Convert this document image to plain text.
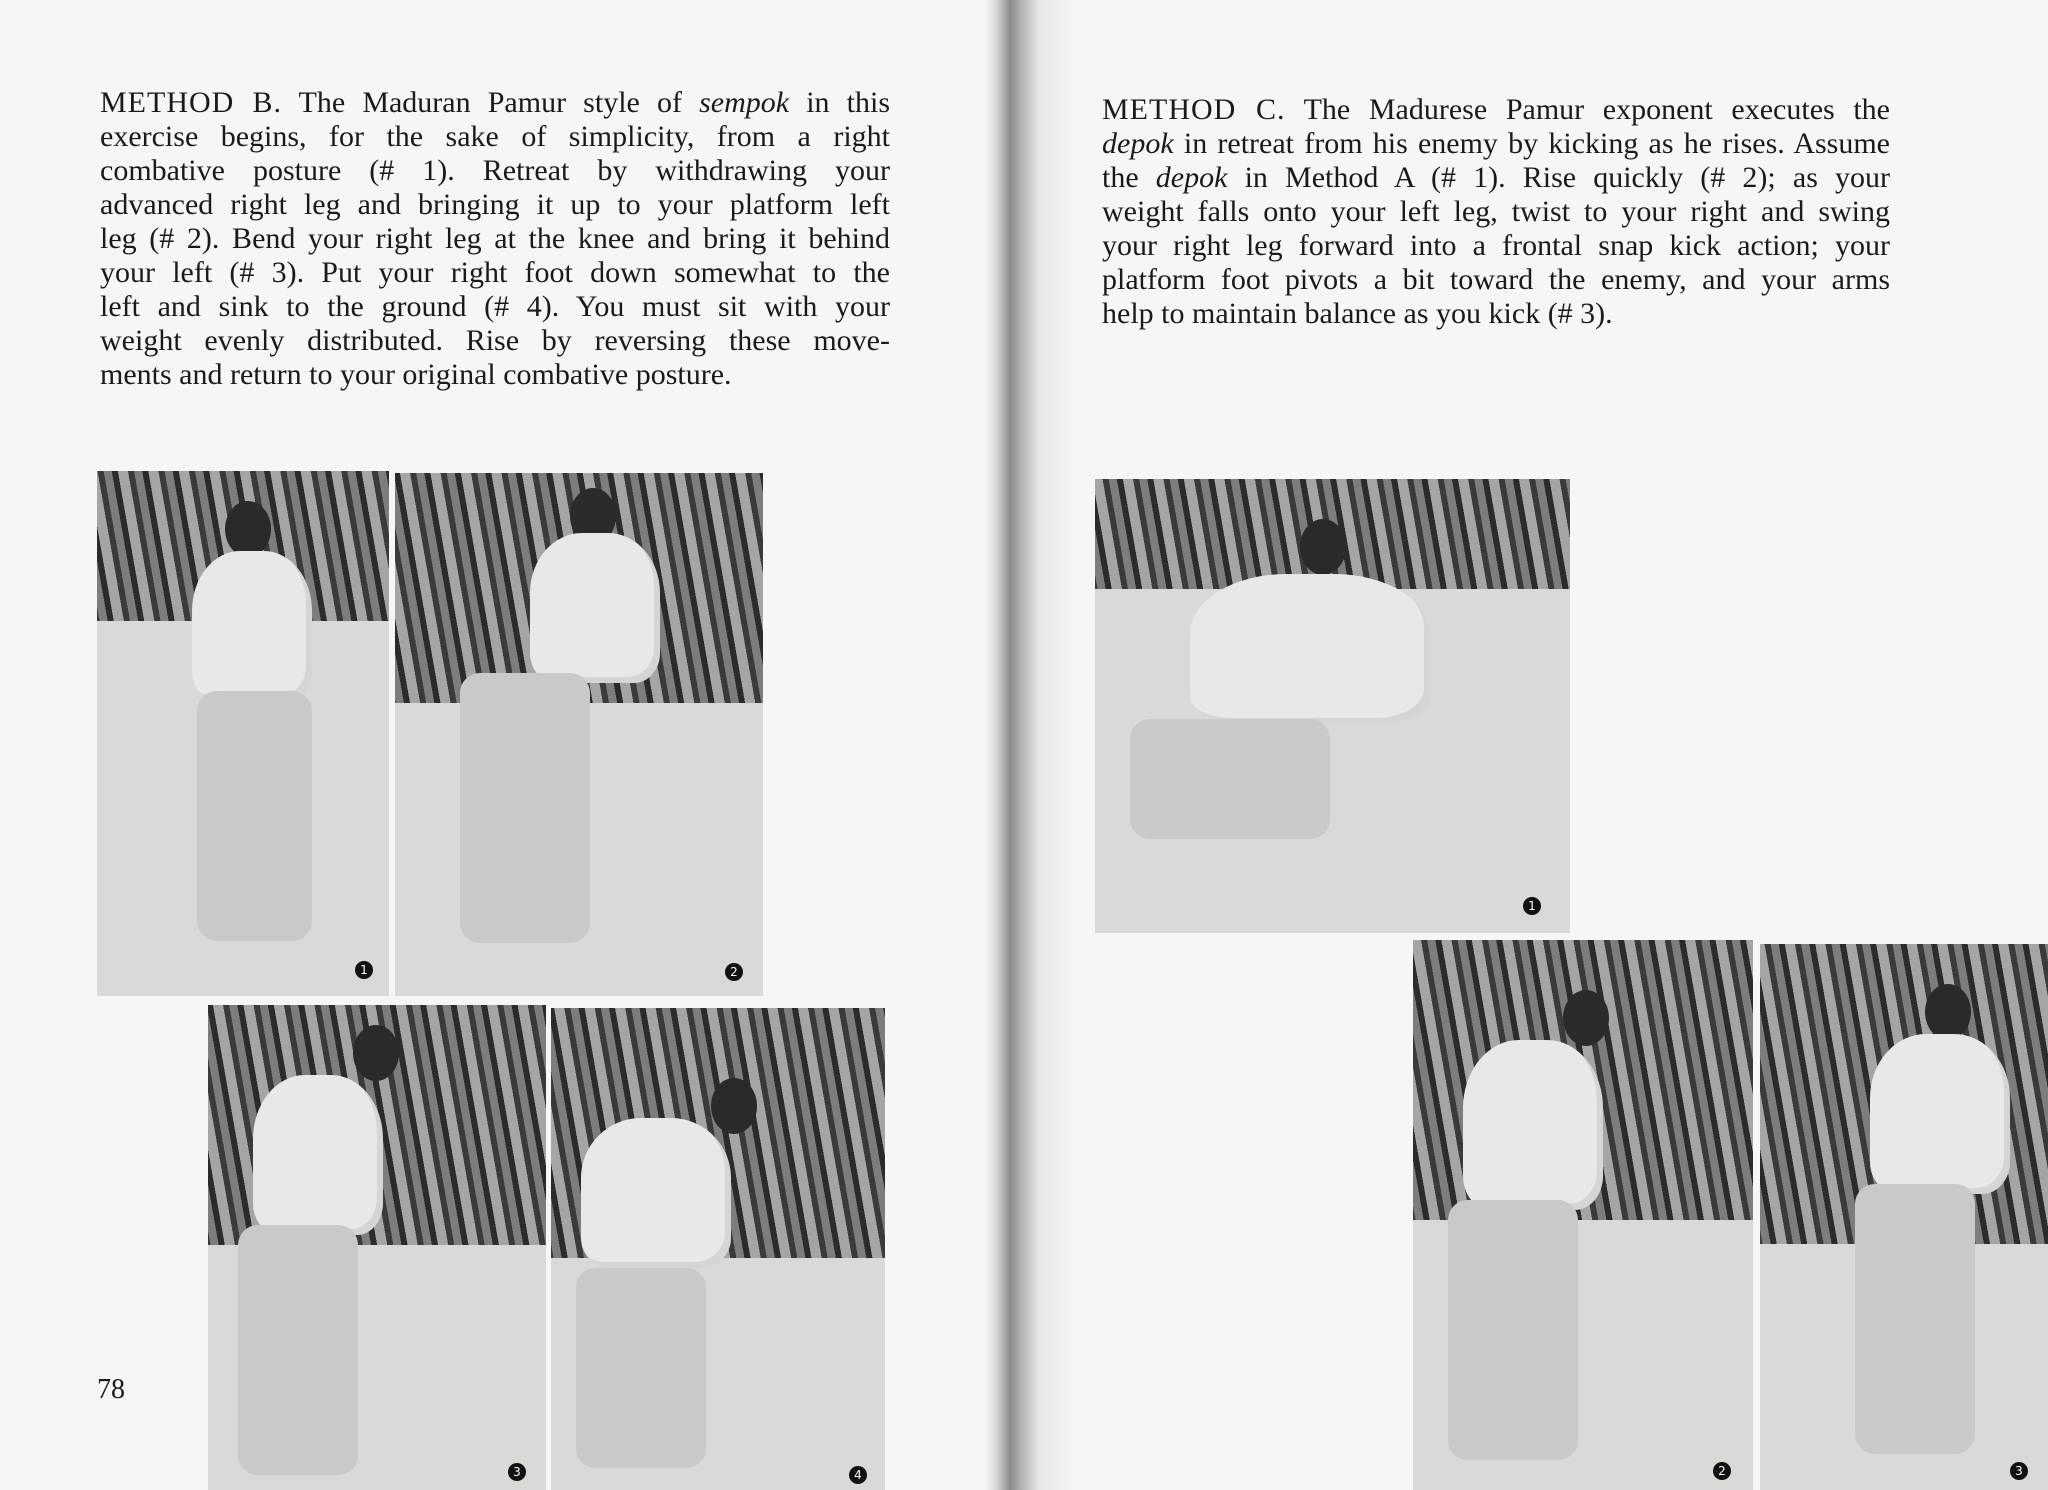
METHOD B. The Maduran Pamur style of sempok in this
exercise begins, for the sake of simplicity, from a right
combative posture (# 1). Retreat by withdrawing your
advanced right leg and bringing it up to your platform left
leg (# 2). Bend your right leg at the knee and bring it behind
your left (# 3). Put your right foot down somewhat to the
left and sink to the ground (# 4). You must sit with your
weight evenly distributed. Rise by reversing these move-
ments and return to your original combative posture.
1	2
3	4
78
METHOD C. The Madurese Pamur exponent executes the
depok in retreat from his enemy by kicking as he rises. Assume
the depok in Method A (# 1). Rise quickly (# 2); as your
weight falls onto your left leg, twist to your right and swing
your right leg forward into a frontal snap kick action; your
platform foot pivots a bit toward the enemy, and your arms
help to maintain balance as you kick (# 3).
1
2	3
